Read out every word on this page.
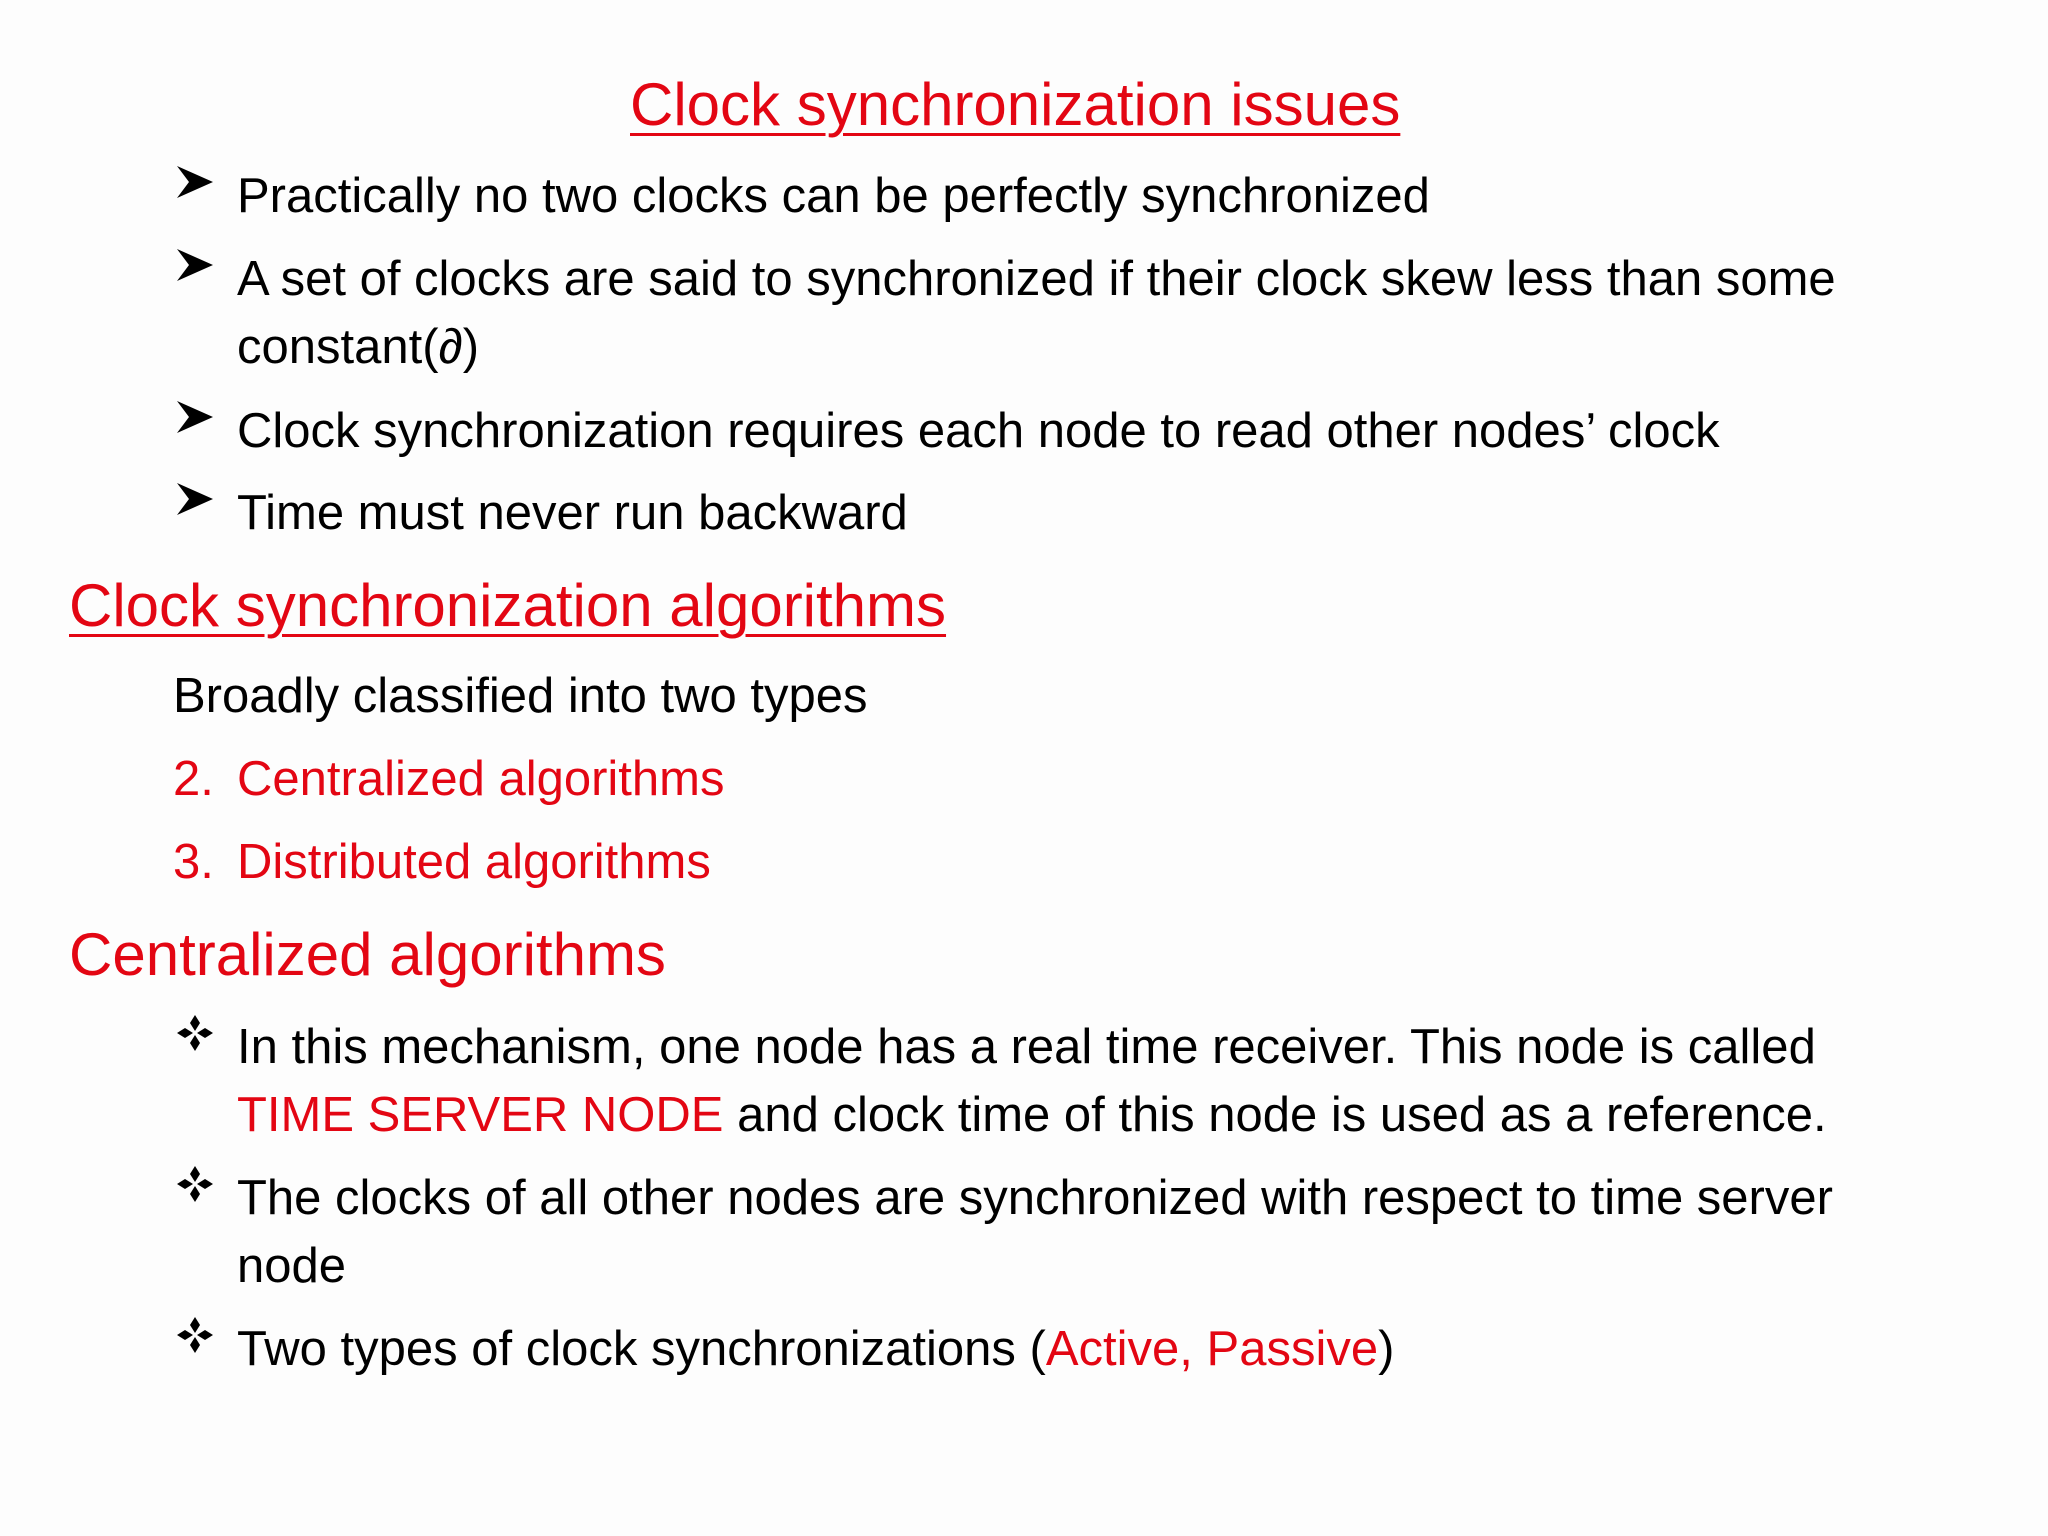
Clock synchronization issues
Practically no two clocks can be perfectly synchronized
A set of clocks are said to synchronized if their clock skew less than some
constant(∂)
Clock synchronization requires each node to read other nodes’ clock
Time must never run backward
Clock synchronization algorithms
Broadly classified into two types
2. Centralized algorithms
3. Distributed algorithms
Centralized algorithms
In this mechanism, one node has a real time receiver. This node is called
TIME SERVER NODE and clock time of this node is used as a reference.
The clocks of all other nodes are synchronized with respect to time server
node
Two types of clock synchronizations (Active, Passive)
